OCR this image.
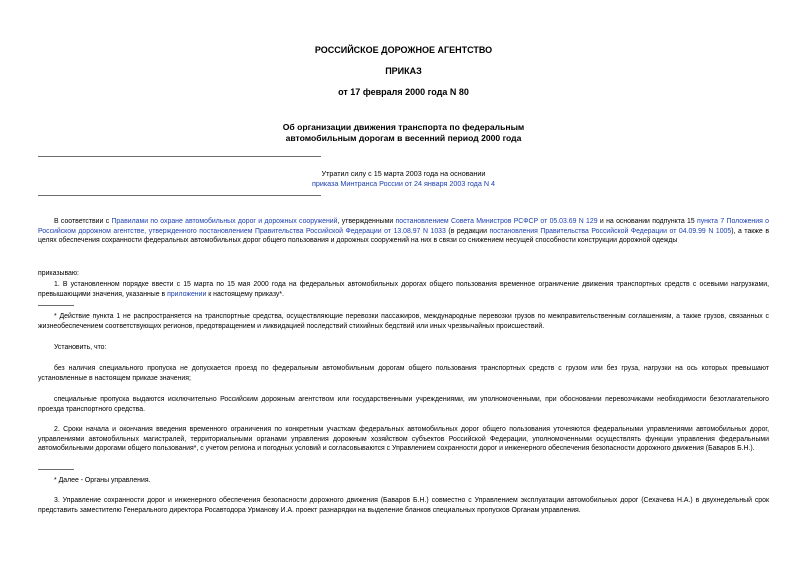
РОССИЙСКОЕ ДОРОЖНОЕ АГЕНТСТВО
ПРИКАЗ
от 17 февраля 2000 года N 80
Об организации движения транспорта по федеральным
автомобильным дорогам в весенний период 2000 года
Утратил силу с 15 марта 2003 года на основании
приказа Минтранса России от 24 января 2003 года N 4
В соответствии с Правилами по охране автомобильных дорог и дорожных сооружений, утвержденными постановлением Совета Министров РСФСР от 05.03.69 N 129 и на основании подпункта 15 пункта 7 Положения о Российском дорожном агентстве, утвержденного постановлением Правительства Российской Федерации от 13.08.97 N 1033 (в редакции постановления Правительства Российской Федерации от 04.09.99 N 1005), а также в целях обеспечения сохранности федеральных автомобильных дорог общего пользования и дорожных сооружений на них в связи со снижением несущей способности конструкции дорожной одежды
приказываю:
1. В установленном порядке ввести с 15 марта по 15 мая 2000 года на федеральных автомобильных дорогах общего пользования временное ограничение движения транспортных средств с осевыми нагрузками, превышающими значения, указанные в приложении к настоящему приказу*.
* Действие пункта 1 не распространяется на транспортные средства, осуществляющие перевозки пассажиров, международные перевозки грузов по межправительственным соглашениям, а также грузов, связанных с жизнеобеспечением соответствующих регионов, предотвращением и ликвидацией последствий стихийных бедствий или иных чрезвычайных происшествий.
Установить, что:
без наличия специального пропуска не допускается проезд по федеральным автомобильным дорогам общего пользования транспортных средств с грузом или без груза, нагрузки на ось которых превышают установленные в настоящем приказе значения;
специальные пропуска выдаются исключительно Российским дорожным агентством или государственными учреждениями, им уполномоченными, при обосновании перевозчиками необходимости безотлагательного проезда транспортного средства.
2. Сроки начала и окончания введения временного ограничения по конкретным участкам федеральных автомобильных дорог общего пользования уточняются федеральными управлениями автомобильных дорог, управлениями автомобильных магистралей, территориальными органами управления дорожным хозяйством субъектов Российской Федерации, уполномоченными осуществлять функции управления федеральными автомобильными дорогами общего пользования*, с учетом региона и погодных условий и согласовываются с Управлением сохранности дорог и инженерного обеспечения безопасности дорожного движения (Баваров Б.Н.).
* Далее - Органы управления.
3. Управление сохранности дорог и инженерного обеспечения безопасности дорожного движения (Баваров Б.Н.) совместно с Управлением эксплуатации автомобильных дорог (Сехачева Н.А.) в двухнедельный срок представить заместителю Генерального директора Росавтодора Урманову И.А. проект разнарядки на выделение бланков специальных пропусков Органам управления.
